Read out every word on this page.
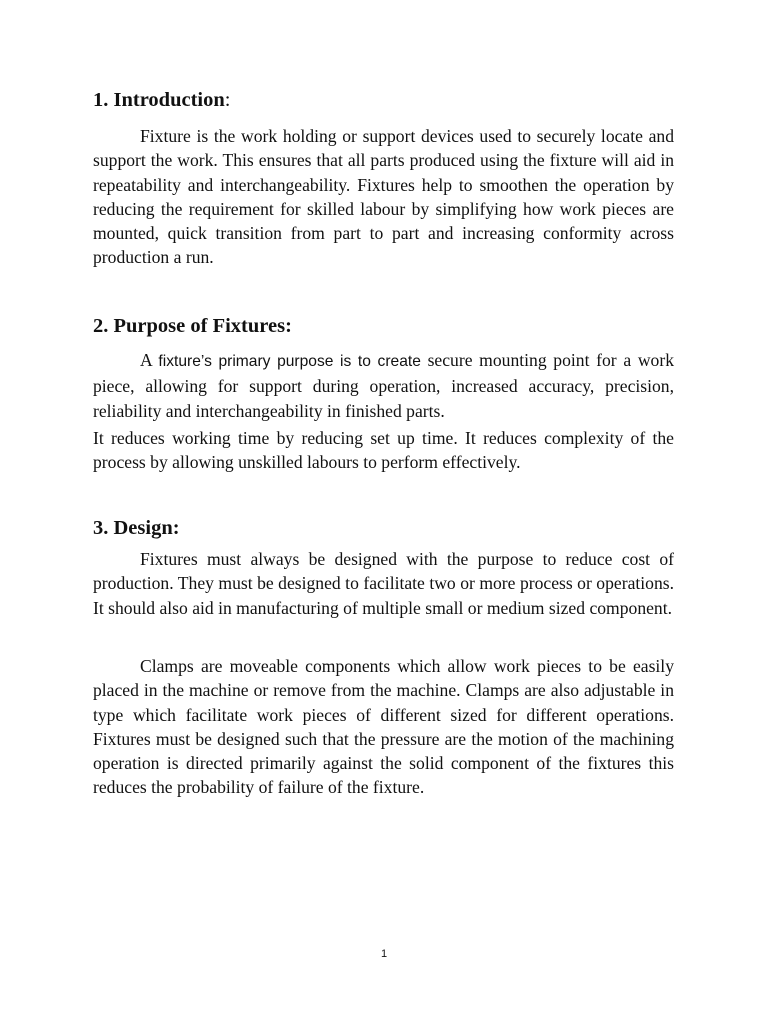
1. Introduction:

Fixture is the work holding or support devices used to securely locate and support the work. This ensures that all parts produced using the fixture will aid in repeatability and interchangeability. Fixtures help to smoothen the operation by reducing the requirement for skilled labour by simplifying how work pieces are mounted, quick transition from part to part and increasing conformity across production a run.

2. Purpose of Fixtures:

A fixture’s primary purpose is to create secure mounting point for a work piece, allowing for support during operation, increased accuracy, precision, reliability and interchangeability in finished parts.

It reduces working time by reducing set up time. It reduces complexity of the process by allowing unskilled labours to perform effectively.

3. Design:

Fixtures must always be designed with the purpose to reduce cost of production. They must be designed to facilitate two or more process or operations. It should also aid in manufacturing of multiple small or medium sized component.

Clamps are moveable components which allow work pieces to be easily placed in the machine or remove from the machine. Clamps are also adjustable in type which facilitate work pieces of different sized for different operations. Fixtures must be designed such that the pressure are the motion of the machining operation is directed primarily against the solid component of the fixtures this reduces the probability of failure of the fixture.

1
